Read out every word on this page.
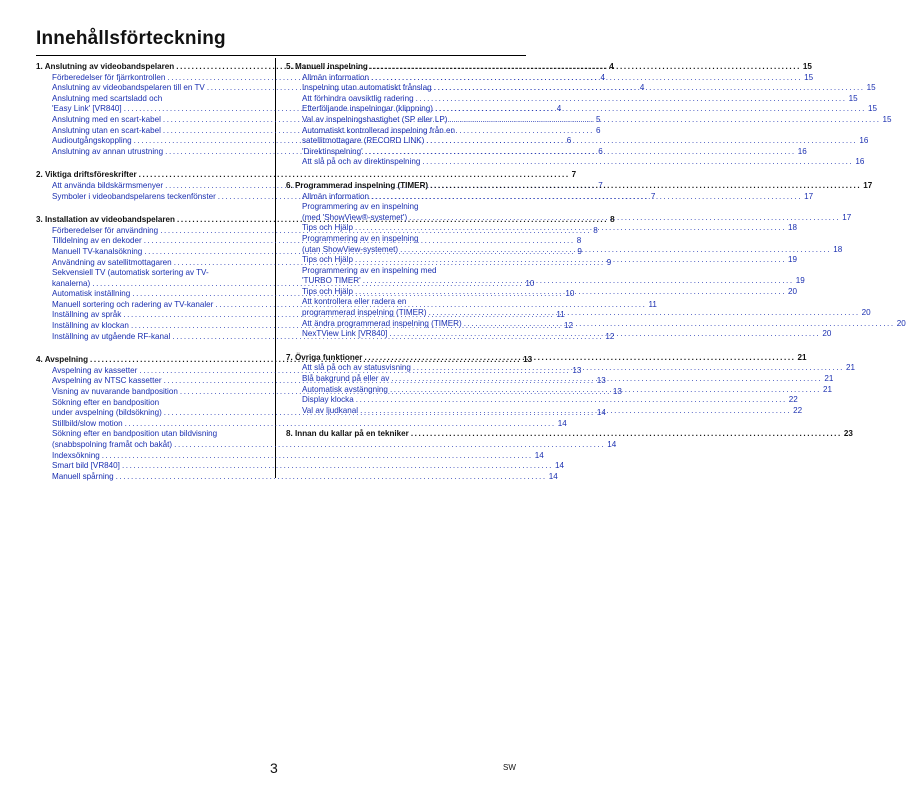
Innehållsförteckning
1. Anslutning av videobandspelaren .....	4
Förberedelser för fjärrkontrollen .....	4
Anslutning av videobandspelaren till en TV .....	4
Anslutning med scartsladd och
'Easy Link' [VR840] .....	4
Anslutning med en scart-kabel .....	5
Anslutning utan en scart-kabel .....	6
Audioutgångskoppling .....	6
Anslutning av annan utrustning .....	6
2. Viktiga driftsföreskrifter .....	7
Att använda bildskärmsmenyer .....	7
Symboler i videobandspelarens teckenfönster .....	7
3. Installation av videobandspelaren .....	8
Förberedelser för användning .....	8
Tilldelning av en dekoder .....	8
Manuell TV-kanalsökning .....	9
Användning av satellitmottagaren .....	9
Sekvensiell TV (automatisk sortering av TV-
kanalerna) .....	10
Automatisk inställning .....	10
Manuell sortering och radering av TV-kanaler .....	11
Inställning av språk .....	11
Inställning av klockan .....	12
Inställning av utgående RF-kanal .....	12
4. Avspelning .....	13
Avspelning av kassetter .....	13
Avspelning av NTSC kassetter .....	13
Visning av nuvarande bandposition .....	13
Sökning efter en bandposition
under avspelning (bildsökning) .....	14
Stillbild/slow motion .....	14
Sökning efter en bandposition utan bildvisning
(snabbspolning framåt och bakåt) .....	14
Indexsökning .....	14
Smart bild [VR840] .....	14
Manuell spårning .....	14
5. Manuell inspelning .....	15
Allmän information .....	15
Inspelning utan automatiskt frånslag .....	15
Att förhindra oavsiktlig radering .....	15
Efterföljande inspelningar (klippning) .....	15
Val av inspelningshastighet (SP eller LP) .....	15
Automatiskt kontrollerad inspelning från en
satellitmottagare (RECORD LINK) .....	16
'Direktinspelning' .....	16
Att slå på och av direktinspelning .....	16
6. Programmerad inspelning (TIMER) .....	17
Allmän information .....	17
Programmering av en inspelning
(med 'ShowView®-systemet') .....	17
Tips och Hjälp .....	18
Programmering av en inspelning
(utan ShowView-systemet) .....	18
Tips och Hjälp .....	19
Programmering av en inspelning med
'TURBO TIMER' .....	19
Tips och Hjälp .....	20
Att kontrollera eller radera en
programmerad inspelning (TIMER) .....	20
Att ändra programmerad inspelning (TIMER) .....	20
NexTView Link [VR840] .....	20
7. Övriga funktioner .....	21
Att slå på och av statusvisning .....	21
Blå bakgrund på eller av .....	21
Automatisk avstängning .....	21
Display klocka .....	22
Val av ljudkanal .....	22
8. Innan du kallar på en tekniker .....	23
3	SW
